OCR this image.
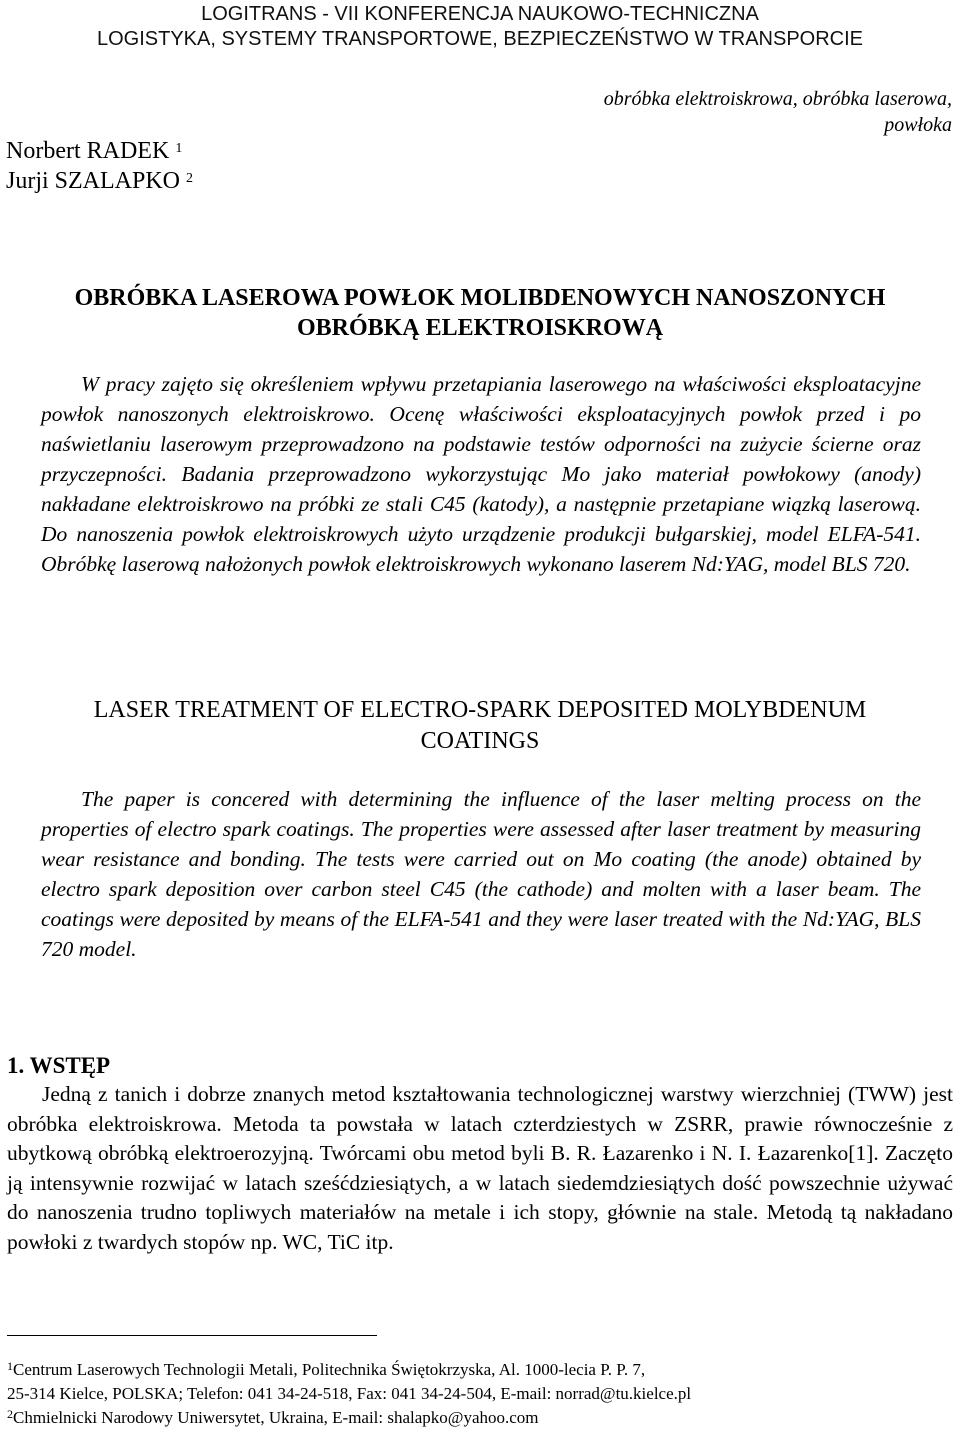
LOGITRANS - VII KONFERENCJA NAUKOWO-TECHNICZNA
LOGISTYKA, SYSTEMY TRANSPORTOWE, BEZPIECZEŃSTWO W TRANSPORCIE
obróbka elektroiskrowa, obróbka laserowa,
powłoka
Norbert RADEK $^1$
Jurji SZALAPKO $^2$
OBRÓBKA LASEROWA POWŁOK MOLIBDENOWYCH NANOSZONYCH
OBRÓBKĄ ELEKTROISKROWĄ

W pracy zajęto się określeniem wpływu przetapiania laserowego na właściwości eksploatacyjne powłok nanoszonych elektroiskrowo. Ocenę właściwości eksploatacyjnych powłok przed i po naświetlaniu laserowym przeprowadzono na podstawie testów odporności na zużycie ścierne oraz przyczepności. Badania przeprowadzono wykorzystując Mo jako materiał powłokowy (anody) nakładane elektroiskrowo na próbki ze stali C45 (katody), a następnie przetapiane wiązką laserową. Do nanoszenia powłok elektroiskrowych użyto urządzenie produkcji bułgarskiej, model ELFA-541. Obróbkę laserową nałożonych powłok elektroiskrowych wykonano laserem Nd:YAG, model BLS 720.

LASER TREATMENT OF ELECTRO-SPARK DEPOSITED MOLYBDENUM
COATINGS

The paper is concered with determining the influence of the laser melting process on the properties of electro spark coatings. The properties were assessed after laser treatment by measuring wear resistance and bonding. The tests were carried out on Mo coating (the anode) obtained by electro spark deposition over carbon steel C45 (the cathode) and molten with a laser beam. The coatings were deposited by means of the ELFA-541 and they were laser treated with the Nd:YAG, BLS 720 model.

1. WSTĘP

Jedną z tanich i dobrze znanych metod kształtowania technologicznej warstwy wierzchniej (TWW) jest obróbka elektroiskrowa. Metoda ta powstała w latach czterdziestych w ZSRR, prawie równocześnie z ubytkową obróbką elektroerozyjną. Twórcami obu metod byli B. R. Łazarenko i N. I. Łazarenko[1]. Zaczęto ją intensywnie rozwijać w latach sześćdziesiątych, a w latach siedemdziesiątych dość powszechnie używać do nanoszenia trudno topliwych materiałów na metale i ich stopy, głównie na stale. Metodą tą nakładano powłoki z twardych stopów np. WC, TiC itp.

$^1$Centrum Laserowych Technologii Metali, Politechnika Świętokrzyska, Al. 1000-lecia P. P. 7,
25-314 Kielce, POLSKA; Telefon: 041 34-24-518, Fax: 041 34-24-504, E-mail: norrad@tu.kielce.pl
$^2$Chmielnicki Narodowy Uniwersytet, Ukraina, E-mail: shalapko@yahoo.com
